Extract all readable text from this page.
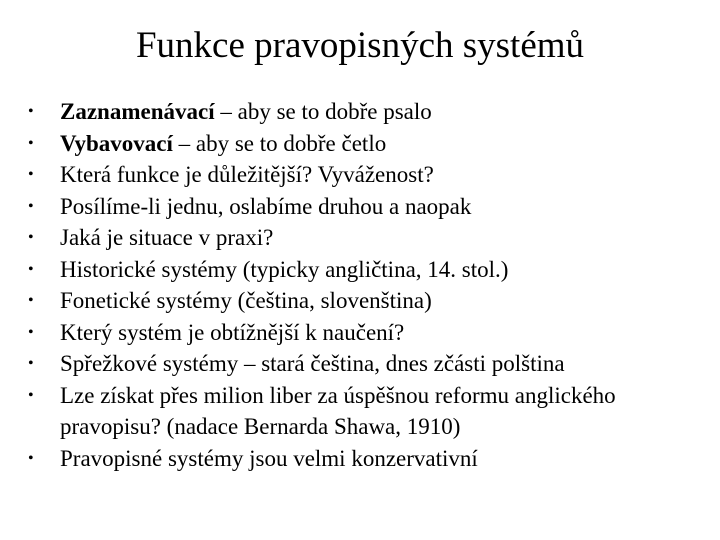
Funkce pravopisných systémů
•	Zaznamenávací – aby se to dobře psalo
•	Vybavovací – aby se to dobře četlo
•	Která funkce je důležitější? Vyváženost?
•	Posílíme-li jednu, oslabíme druhou a naopak
•	Jaká je situace v praxi?
•	Historické systémy (typicky angličtina, 14. stol.)
•	Fonetické systémy (čeština, slovenština)
•	Který systém je obtížnější k naučení?
•	Spřežkové systémy – stará čeština, dnes zčásti polština
•	Lze získat přes milion liber za úspěšnou reformu anglického pravopisu? (nadace Bernarda Shawa, 1910)
•	Pravopisné systémy jsou velmi konzervativní
